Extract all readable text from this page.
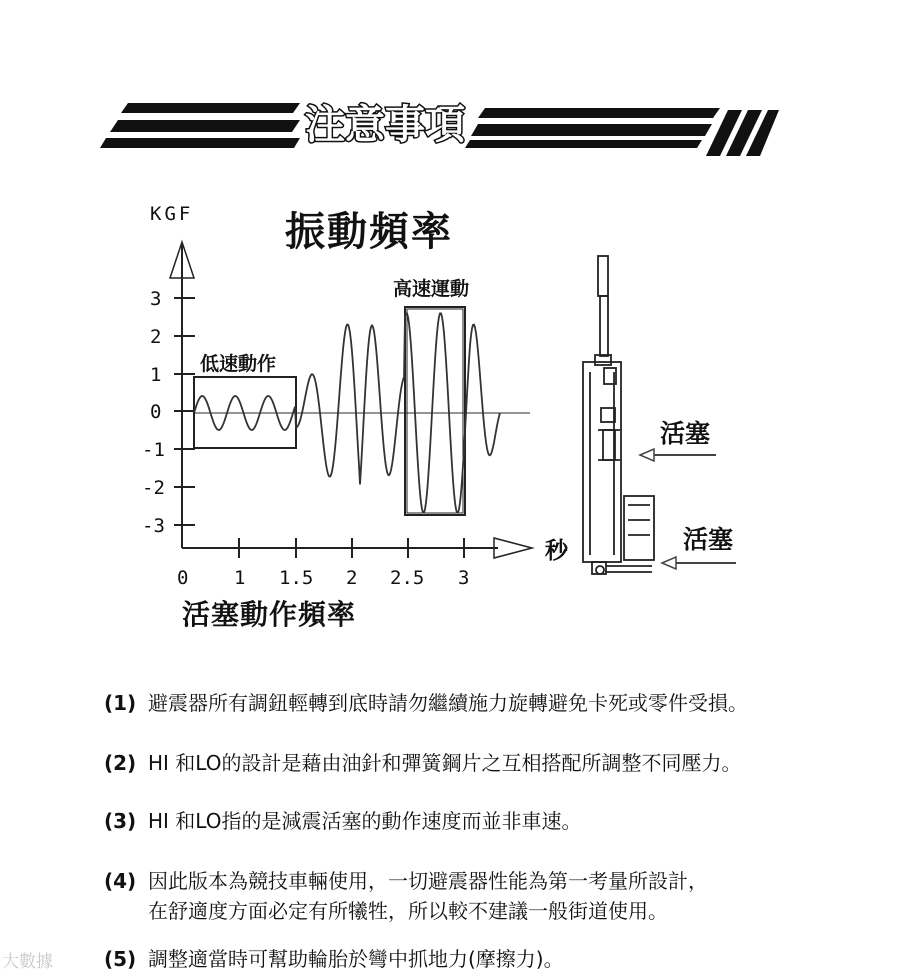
注意事項
KGF 振動頻率
3
2
1
0
-1
-2
-3
0 1 1.5 2 2.5 3
秒
低速動作
高速運動
活塞
活塞
活塞動作頻率
(1) 避震器所有調鈕輕轉到底時請勿繼續施力旋轉避免卡死或零件受損。
(2) HI 和LO的設計是藉由油針和彈簧鋼片之互相搭配所調整不同壓力。
(3) HI 和LO指的是減震活塞的動作速度而並非車速。
(4) 因此版本為競技車輛使用，一切避震器性能為第一考量所設計，
在舒適度方面必定有所犧牲，所以較不建議一般街道使用。
(5) 調整適當時可幫助輪胎於彎中抓地力(摩擦力)。
大數據
